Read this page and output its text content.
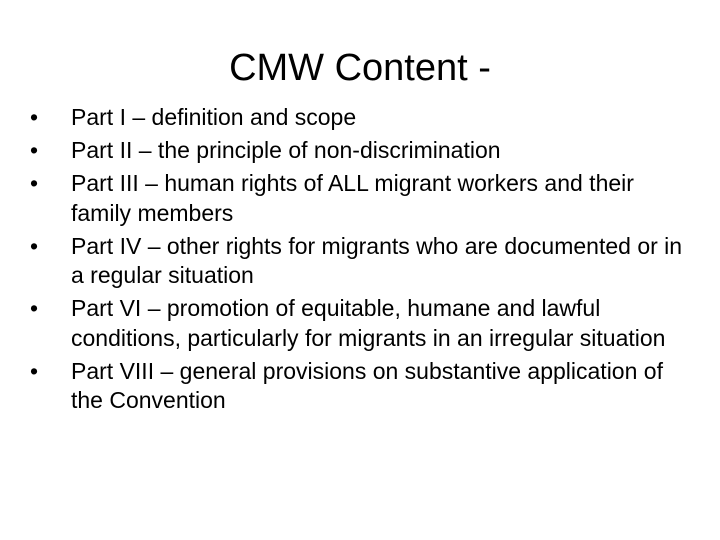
CMW Content -
•	Part I – definition and scope
•	Part II – the principle of non-discrimination
•	Part III – human rights of ALL migrant workers and their family members
•	Part IV – other rights for migrants who are documented or in a regular situation
•	Part VI – promotion of equitable, humane and lawful conditions, particularly for migrants in an irregular situation
•	Part VIII – general provisions on substantive application of the Convention
